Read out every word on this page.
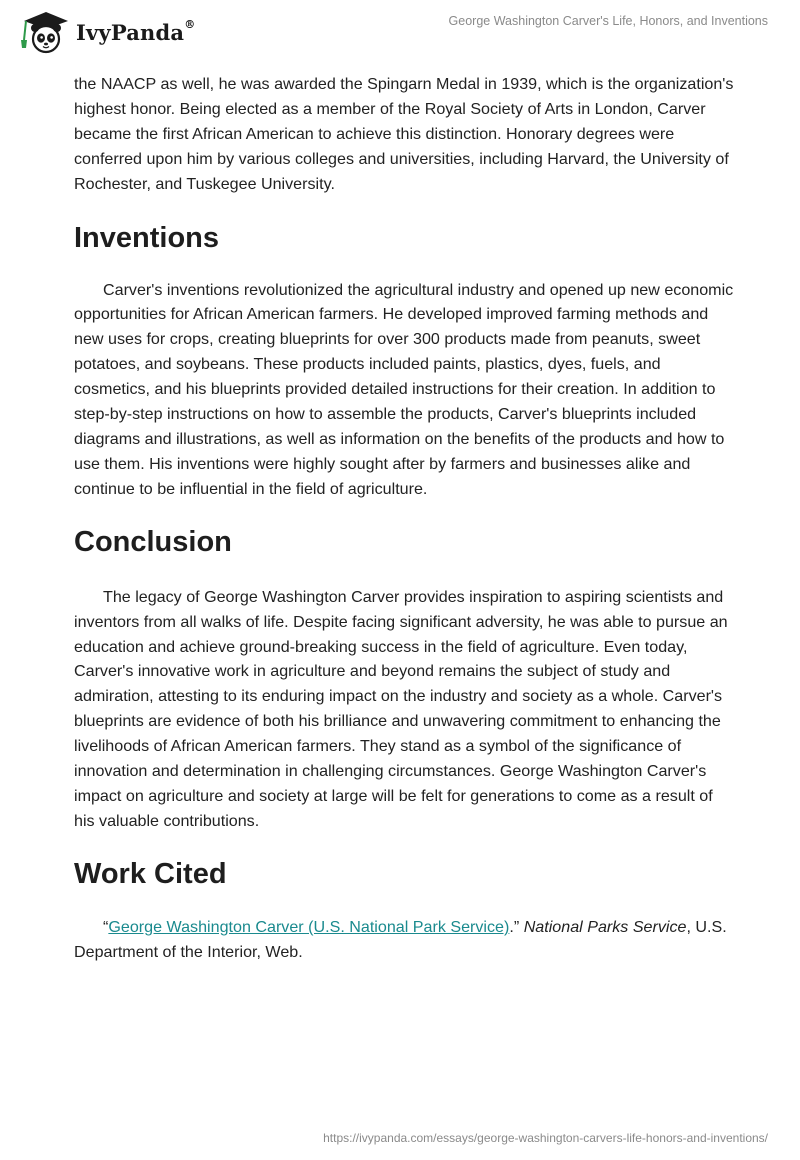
IvyPanda®	George Washington Carver's Life, Honors, and Inventions

the NAACP as well, he was awarded the Spingarn Medal in 1939, which is the organization's highest honor. Being elected as a member of the Royal Society of Arts in London, Carver became the first African American to achieve this distinction. Honorary degrees were conferred upon him by various colleges and universities, including Harvard, the University of Rochester, and Tuskegee University.

Inventions

Carver's inventions revolutionized the agricultural industry and opened up new economic opportunities for African American farmers. He developed improved farming methods and new uses for crops, creating blueprints for over 300 products made from peanuts, sweet potatoes, and soybeans. These products included paints, plastics, dyes, fuels, and cosmetics, and his blueprints provided detailed instructions for their creation. In addition to step-by-step instructions on how to assemble the products, Carver's blueprints included diagrams and illustrations, as well as information on the benefits of the products and how to use them. His inventions were highly sought after by farmers and businesses alike and continue to be influential in the field of agriculture.

Conclusion

The legacy of George Washington Carver provides inspiration to aspiring scientists and inventors from all walks of life. Despite facing significant adversity, he was able to pursue an education and achieve ground-breaking success in the field of agriculture. Even today, Carver's innovative work in agriculture and beyond remains the subject of study and admiration, attesting to its enduring impact on the industry and society as a whole. Carver's blueprints are evidence of both his brilliance and unwavering commitment to enhancing the livelihoods of African American farmers. They stand as a symbol of the significance of innovation and determination in challenging circumstances. George Washington Carver's impact on agriculture and society at large will be felt for generations to come as a result of his valuable contributions.

Work Cited

“George Washington Carver (U.S. National Park Service).” National Parks Service, U.S. Department of the Interior, Web.

https://ivypanda.com/essays/george-washington-carvers-life-honors-and-inventions/
